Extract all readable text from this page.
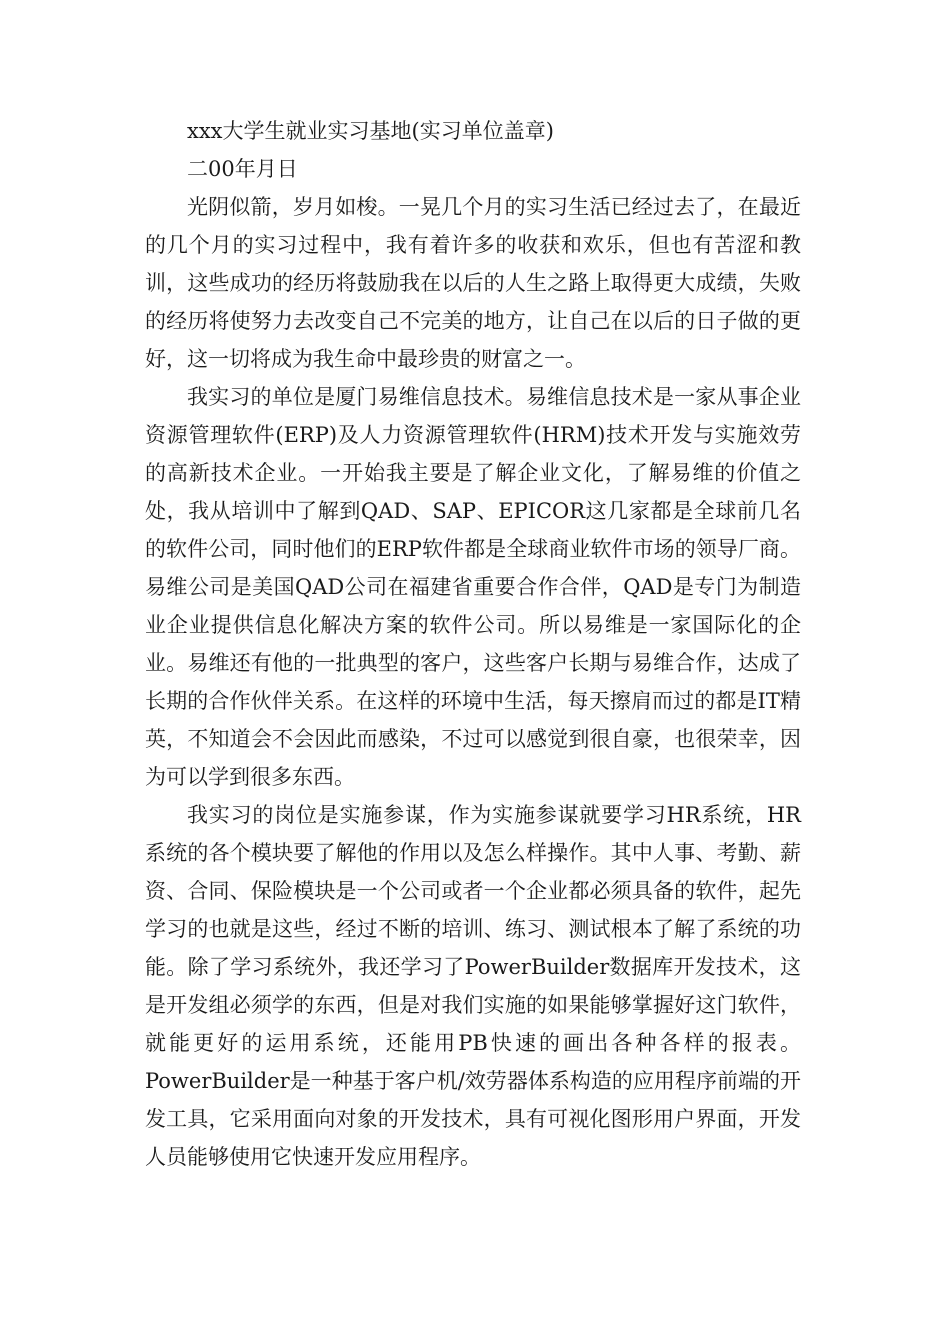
xxx大学生就业实习基地(实习单位盖章)
二00年月日

光阴似箭，岁月如梭。一晃几个月的实习生活已经过去了，在最近的几个月的实习过程中，我有着许多的收获和欢乐，但也有苦涩和教训，这些成功的经历将鼓励我在以后的人生之路上取得更大成绩，失败的经历将使努力去改变自己不完美的地方，让自己在以后的日子做的更好，这一切将成为我生命中最珍贵的财富之一。

我实习的单位是厦门易维信息技术。易维信息技术是一家从事企业资源管理软件(ERP)及人力资源管理软件(HRM)技术开发与实施效劳的高新技术企业。一开始我主要是了解企业文化，了解易维的价值之处，我从培训中了解到QAD、SAP、EPICOR这几家都是全球前几名的软件公司，同时他们的ERP软件都是全球商业软件市场的领导厂商。易维公司是美国QAD公司在福建省重要合作合伴，QAD是专门为制造业企业提供信息化解决方案的软件公司。所以易维是一家国际化的企业。易维还有他的一批典型的客户，这些客户长期与易维合作，达成了长期的合作伙伴关系。在这样的环境中生活，每天擦肩而过的都是IT精英，不知道会不会因此而感染，不过可以感觉到很自豪，也很荣幸，因为可以学到很多东西。

我实习的岗位是实施参谋，作为实施参谋就要学习HR系统，HR系统的各个模块要了解他的作用以及怎么样操作。其中人事、考勤、薪资、合同、保险模块是一个公司或者一个企业都必须具备的软件，起先学习的也就是这些，经过不断的培训、练习、测试根本了解了系统的功能。除了学习系统外，我还学习了PowerBuilder数据库开发技术，这是开发组必须学的东西，但是对我们实施的如果能够掌握好这门软件，就能更好的运用系统，还能用PB快速的画出各种各样的报表。PowerBuilder是一种基于客户机/效劳器体系构造的应用程序前端的开发工具，它采用面向对象的开发技术，具有可视化图形用户界面，开发人员能够使用它快速开发应用程序。
